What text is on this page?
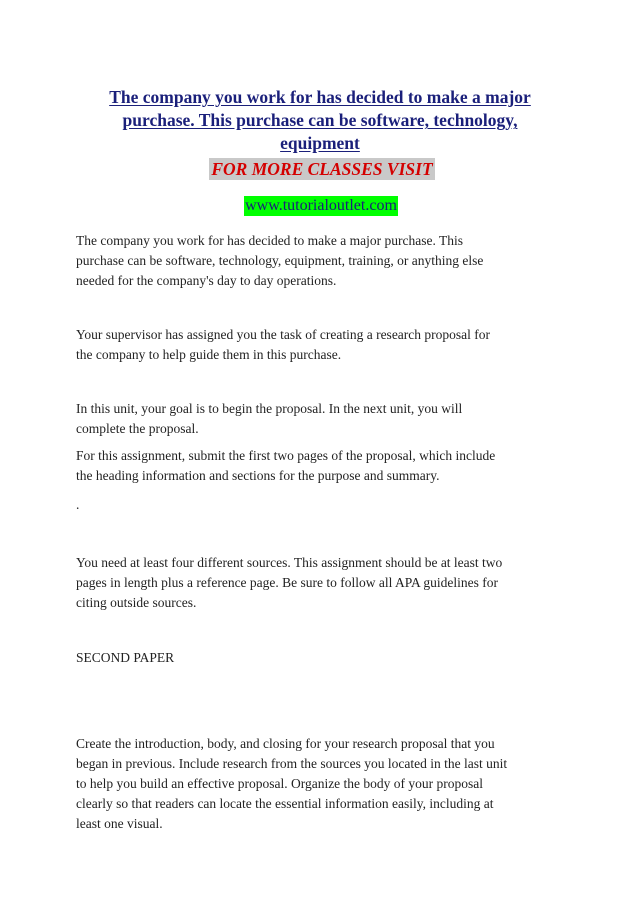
The company you work for has decided to make a major
purchase. This purchase can be software, technology,
equipment
FOR MORE CLASSES VISIT
www.tutorialoutlet.com
The company you work for has decided to make a major purchase. This
purchase can be software, technology, equipment, training, or anything else
needed for the company's day to day operations.
Your supervisor has assigned you the task of creating a research proposal for
the company to help guide them in this purchase.
In this unit, your goal is to begin the proposal. In the next unit, you will
complete the proposal.
For this assignment, submit the first two pages of the proposal, which include
the heading information and sections for the purpose and summary.
.
You need at least four different sources. This assignment should be at least two
pages in length plus a reference page. Be sure to follow all APA guidelines for
citing outside sources.
SECOND PAPER
Create the introduction, body, and closing for your research proposal that you
began in previous. Include research from the sources you located in the last unit
to help you build an effective proposal. Organize the body of your proposal
clearly so that readers can locate the essential information easily, including at
least one visual.
